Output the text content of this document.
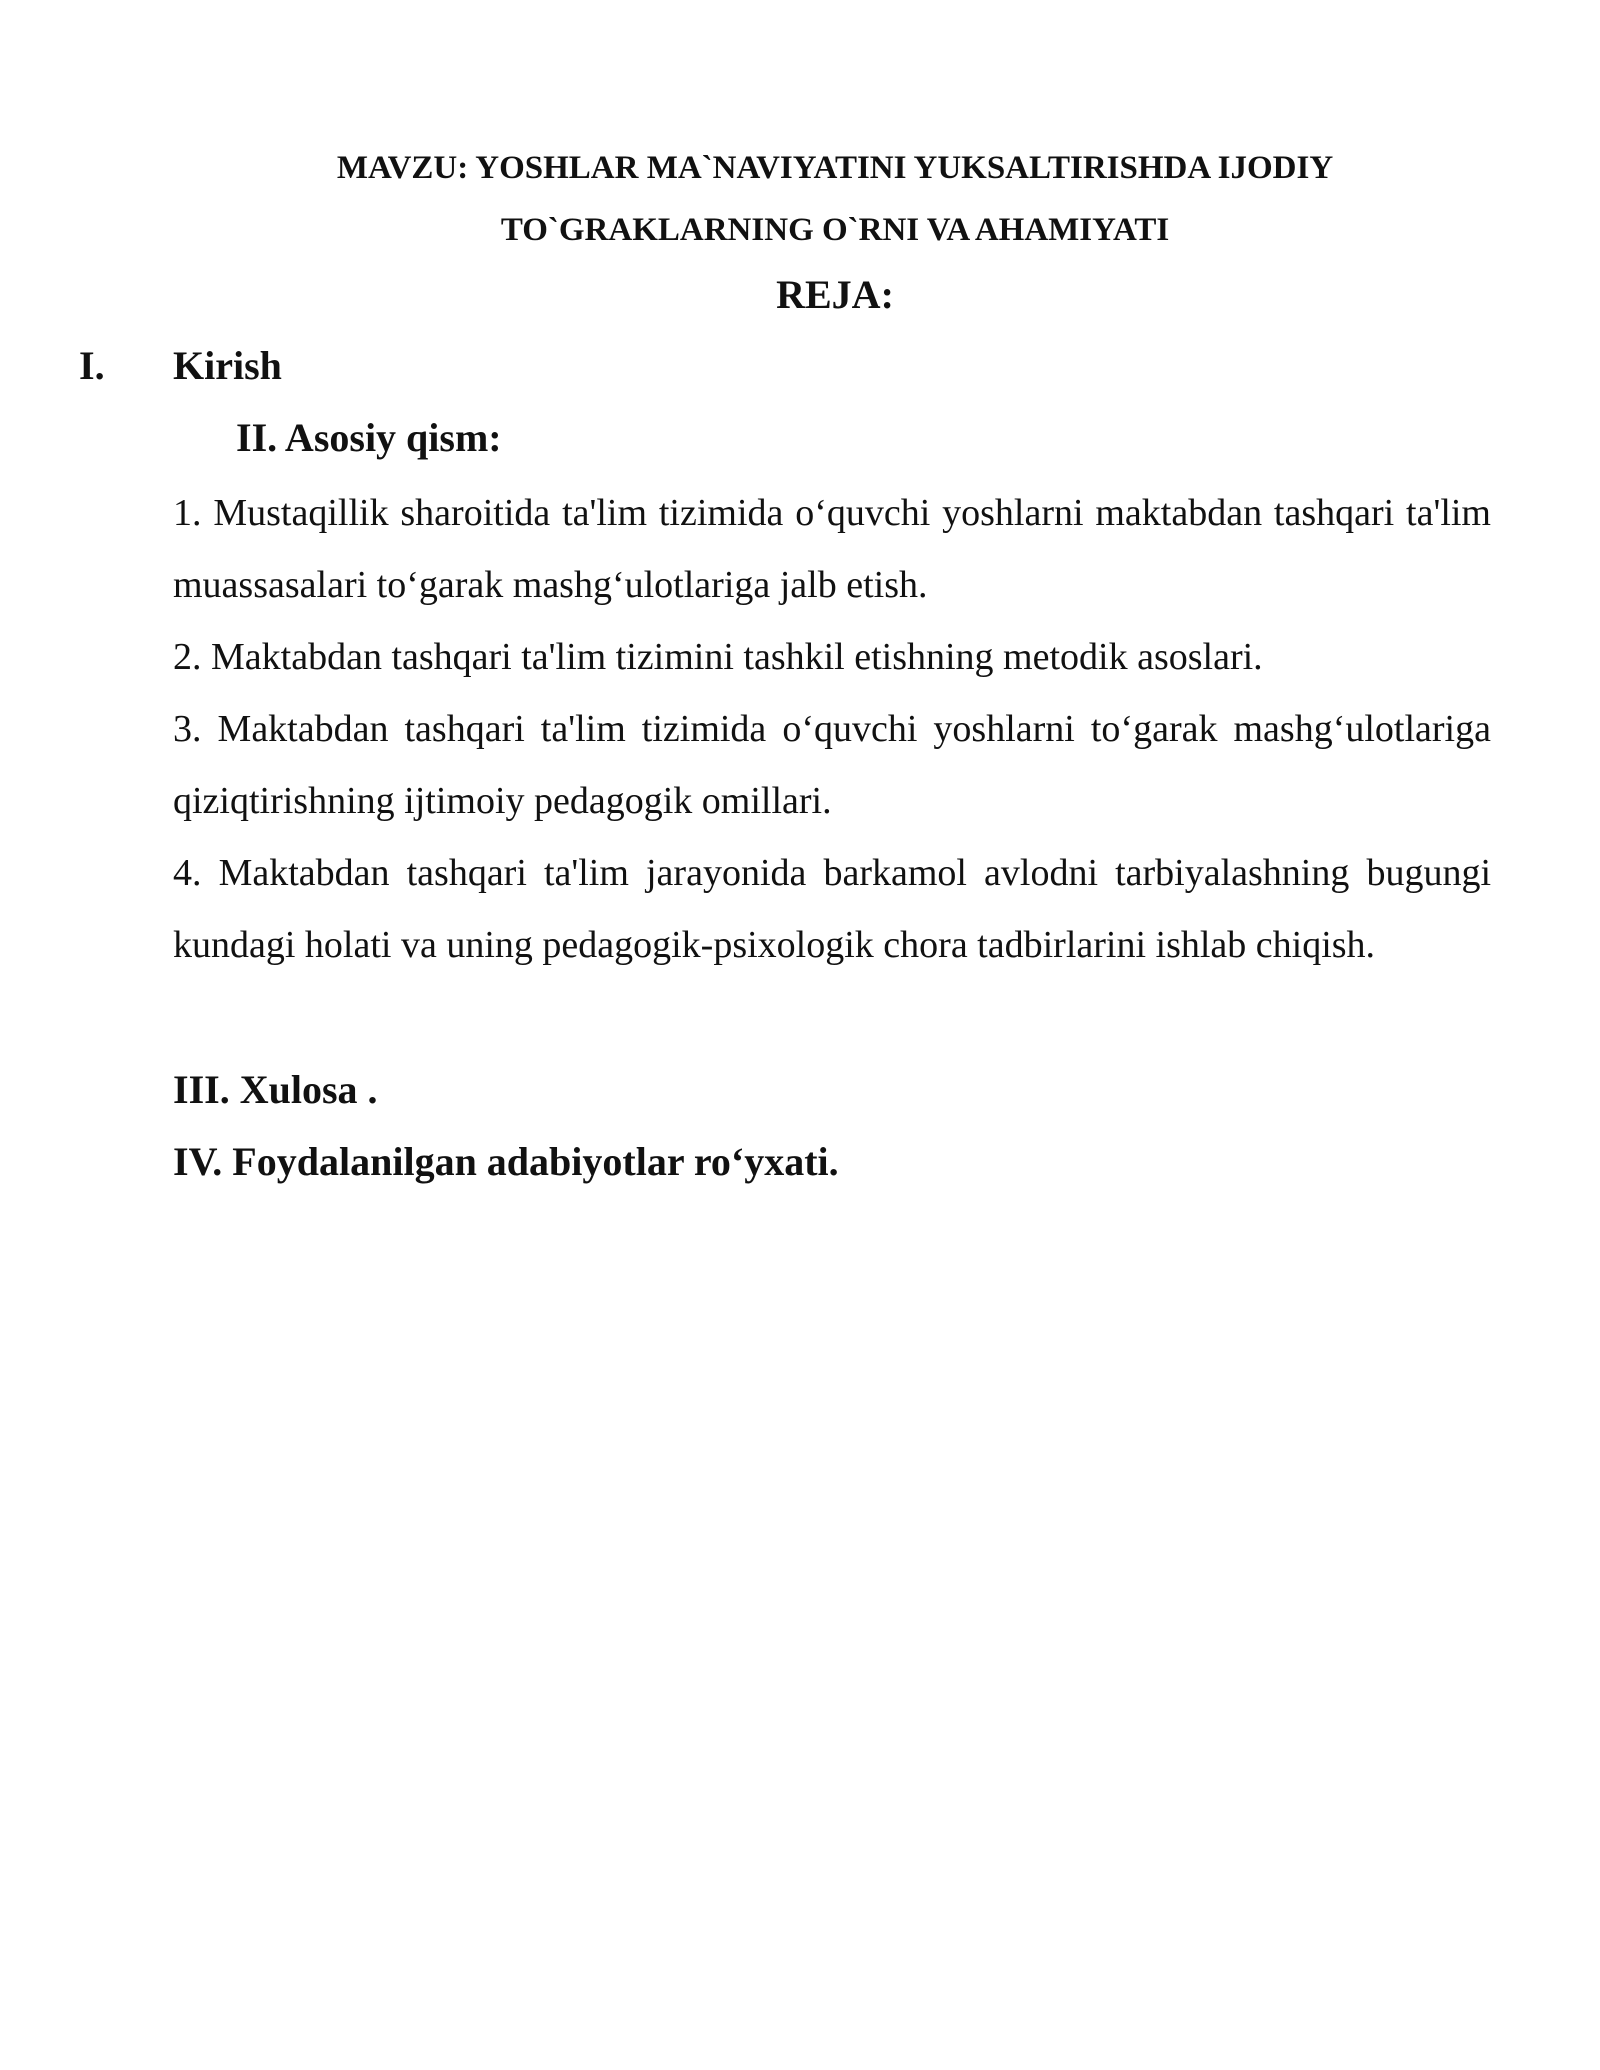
MAVZU: YOSHLAR MA`NAVIYATINI YUKSALTIRISHDA IJODIY
TO`GRAKLARNING O`RNI VA AHAMIYATI
REJA:
I. Kirish
II. Asosiy qism:

1. Mustaqillik sharoitida ta'lim tizimida o‘quvchi yoshlarni maktabdan tashqari ta'lim muassasalari to‘garak mashg‘ulotlariga jalb etish.

2. Maktabdan tashqari ta'lim tizimini tashkil etishning metodik asoslari.

3. Maktabdan tashqari ta'lim tizimida o‘quvchi yoshlarni to‘garak mashg‘ulotlariga qiziqtirishning ijtimoiy pedagogik omillari.

4. Maktabdan tashqari ta'lim jarayonida barkamol avlodni tarbiyalashning bugungi kundagi holati va uning pedagogik-psixologik chora tadbirlarini ishlab chiqish.

III. Xulosa .
IV. Foydalanilgan adabiyotlar ro‘yxati.
